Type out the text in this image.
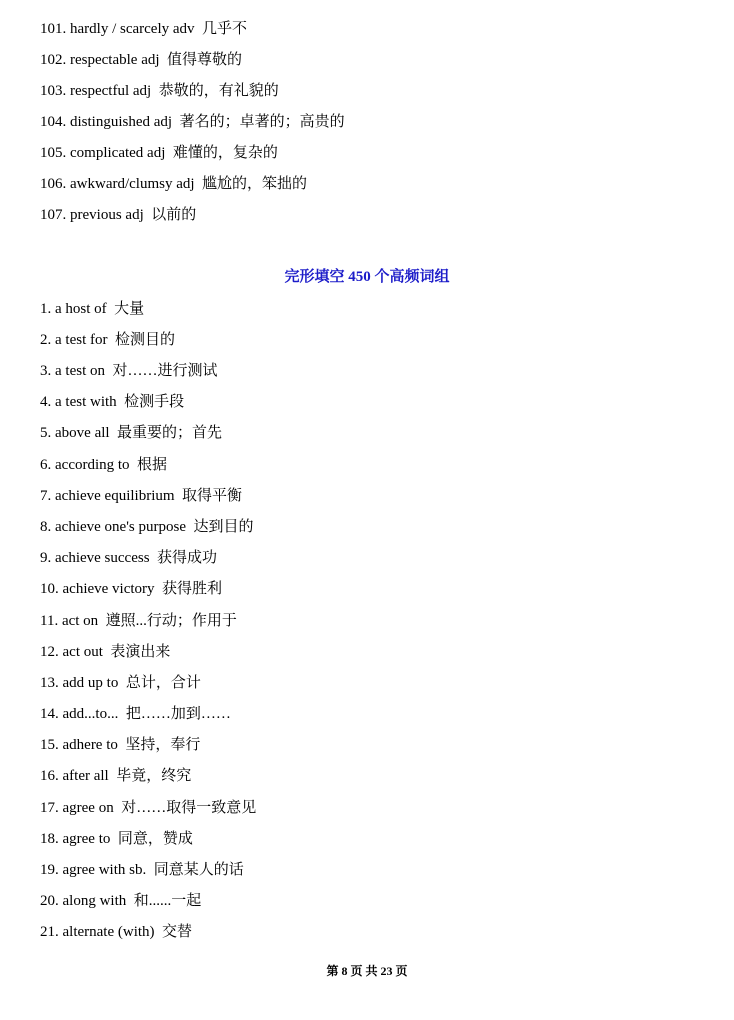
101. hardly / scarcely adv  几乎不
102. respectable adj  值得尊敬的
103. respectful adj  恭敬的，有礼貌的
104. distinguished adj  著名的；卓著的；高贵的
105. complicated adj  难懂的，复杂的
106. awkward/clumsy adj  尴尬的，笨拙的
107. previous adj  以前的
完形填空 450 个高频词组
1. a host of  大量
2. a test for  检测目的
3. a test on  对……进行测试
4. a test with  检测手段
5. above all  最重要的；首先
6. according to  根据
7. achieve equilibrium  取得平衡
8. achieve one's purpose  达到目的
9. achieve success  获得成功
10. achieve victory  获得胜利
11. act on  遵照...行动；作用于
12. act out  表演出来
13. add up to  总计，合计
14. add...to...  把……加到……
15. adhere to  坚持，奉行
16. after all  毕竟，终究
17. agree on  对……取得一致意见
18. agree to  同意，赞成
19. agree with sb.  同意某人的话
20. along with  和......一起
21. alternate (with)  交替
第 8 页 共 23 页
